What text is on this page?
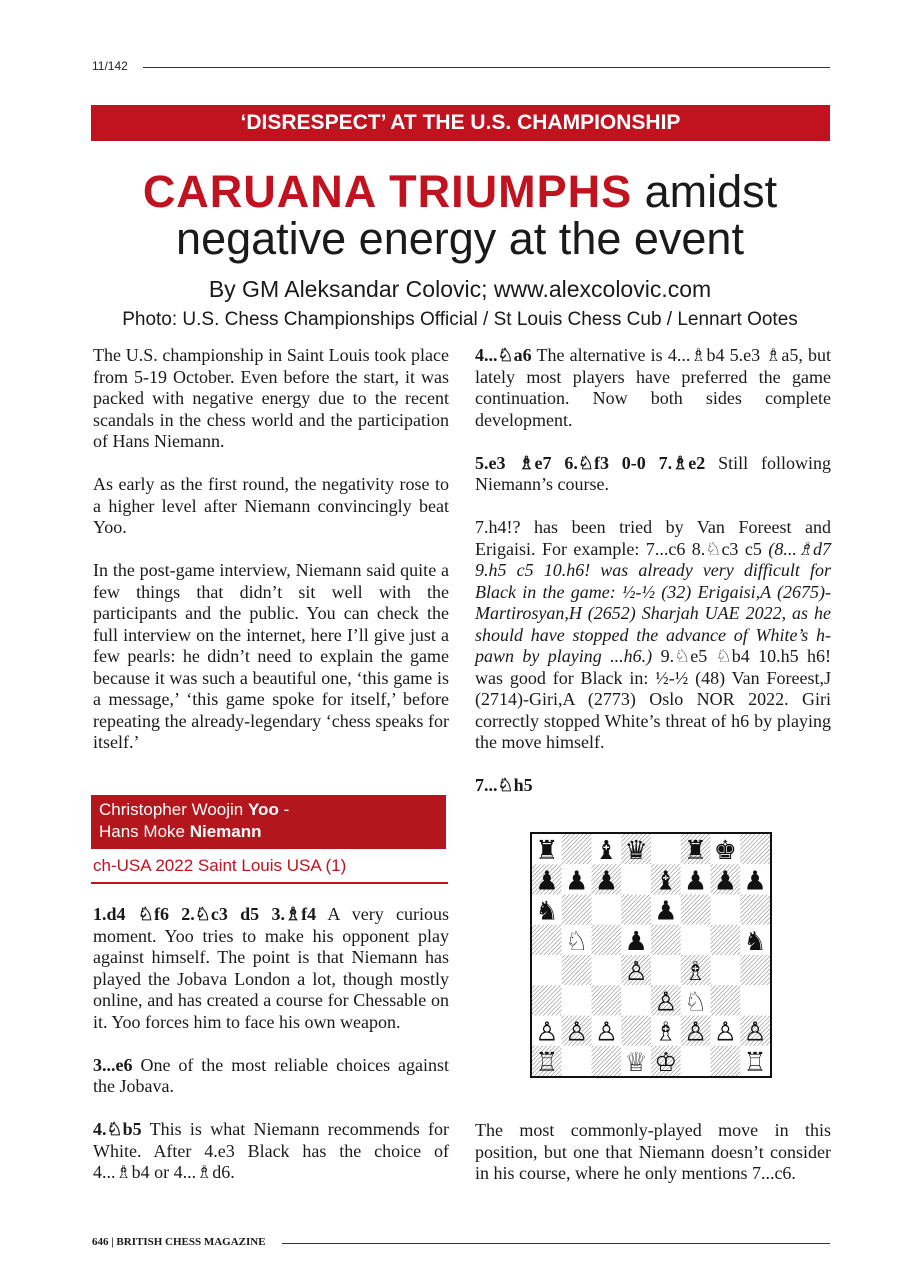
11/142
‘DISRESPECT’ AT THE U.S. CHAMPIONSHIP
CARUANA TRIUMPHS amidst
negative energy at the event
By GM Aleksandar Colovic; www.alexcolovic.com
Photo: U.S. Chess Championships Official / St Louis Chess Cub / Lennart Ootes

The U.S. championship in Saint Louis took place from 5-19 October. Even before the start, it was packed with negative energy due to the recent scandals in the chess world and the participation of Hans Niemann.

As early as the first round, the negativity rose to a higher level after Niemann convincingly beat Yoo.

In the post-game interview, Niemann said quite a few things that didn’t sit well with the participants and the public. You can check the full interview on the internet, here I’ll give just a few pearls: he didn’t need to explain the game because it was such a beautiful one, ‘this game is a message,’ ‘this game spoke for itself,’ before repeating the already-legendary ‘chess speaks for itself.’

Christopher Woojin Yoo -
Hans Moke Niemann
ch-USA 2022 Saint Louis USA (1)

1.d4 ♘f6 2.♘c3 d5 3.♗f4 A very curious moment. Yoo tries to make his opponent play against himself. The point is that Niemann has played the Jobava London a lot, though mostly online, and has created a course for Chessable on it. Yoo forces him to face his own weapon.

3...e6 One of the most reliable choices against the Jobava.

4.♘b5 This is what Niemann recommends for White. After 4.e3 Black has the choice of 4...♗b4 or 4...♗d6.

4...♘a6 The alternative is 4...♗b4 5.e3 ♗a5, but lately most players have preferred the game continuation. Now both sides complete development.

5.e3 ♗e7 6.♘f3 0-0 7.♗e2 Still following Niemann’s course.

7.h4!? has been tried by Van Foreest and Erigaisi. For example: 7...c6 8.♘c3 c5 (8...♗d7 9.h5 c5 10.h6! was already very difficult for Black in the game: ½-½ (32) Erigaisi,A (2675)-Martirosyan,H (2652) Sharjah UAE 2022, as he should have stopped the advance of White’s h-pawn by playing ...h6.) 9.♘e5 ♘b4 10.h5 h6! was good for Black in: ½-½ (48) Van Foreest,J (2714)-Giri,A (2773) Oslo NOR 2022. Giri correctly stopped White’s threat of h6 by playing the move himself.

7...♘h5

♜ ♝ ♛ ♜ ♚
♟ ♟ ♟ ♝ ♟ ♟ ♟
♞	♟
♘ ♟	♞
♙ ♗
♙ ♘
♙ ♙ ♙ ♗ ♙ ♙ ♙
♖	♕ ♔	♖

The most commonly-played move in this position, but one that Niemann doesn’t consider in his course, where he only mentions 7...c6.

646 | BRITISH CHESS MAGAZINE
